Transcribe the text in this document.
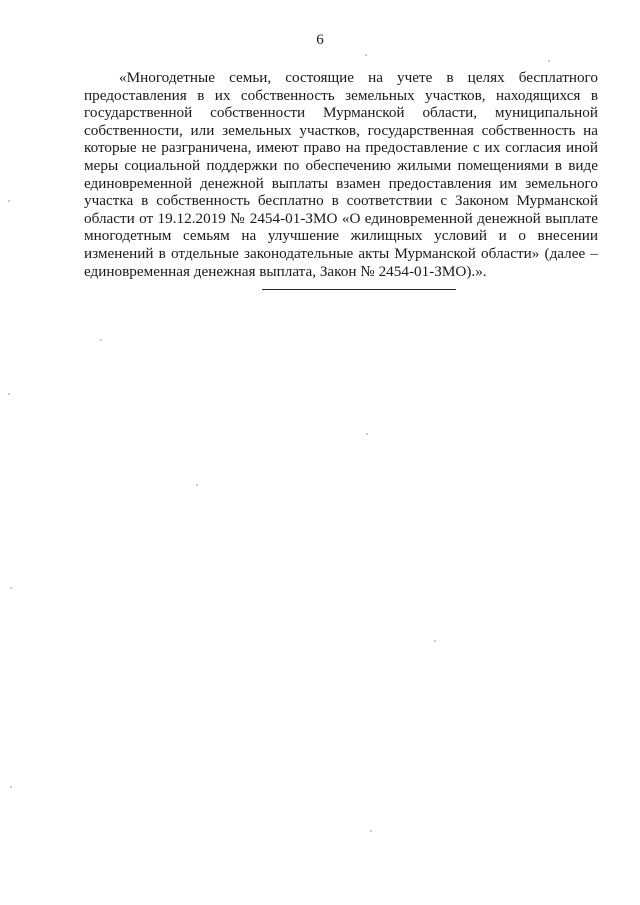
6

«Многодетные семьи, состоящие на учете в целях бесплатного предоставления в их собственность земельных участков, находящихся в государственной собственности Мурманской области, муниципальной собственности, или земельных участков, государственная собственность на которые не разграничена, имеют право на предоставление с их согласия иной меры социальной поддержки по обеспечению жилыми помещениями в виде единовременной денежной выплаты взамен предоставления им земельного участка в собственность бесплатно в соответствии с Законом Мурманской области от 19.12.2019 № 2454-01-ЗМО «О единовременной денежной выплате многодетным семьям на улучшение жилищных условий и о внесении изменений в отдельные законодательные акты Мурманской области» (далее – единовременная денежная выплата, Закон № 2454-01-ЗМО).».
